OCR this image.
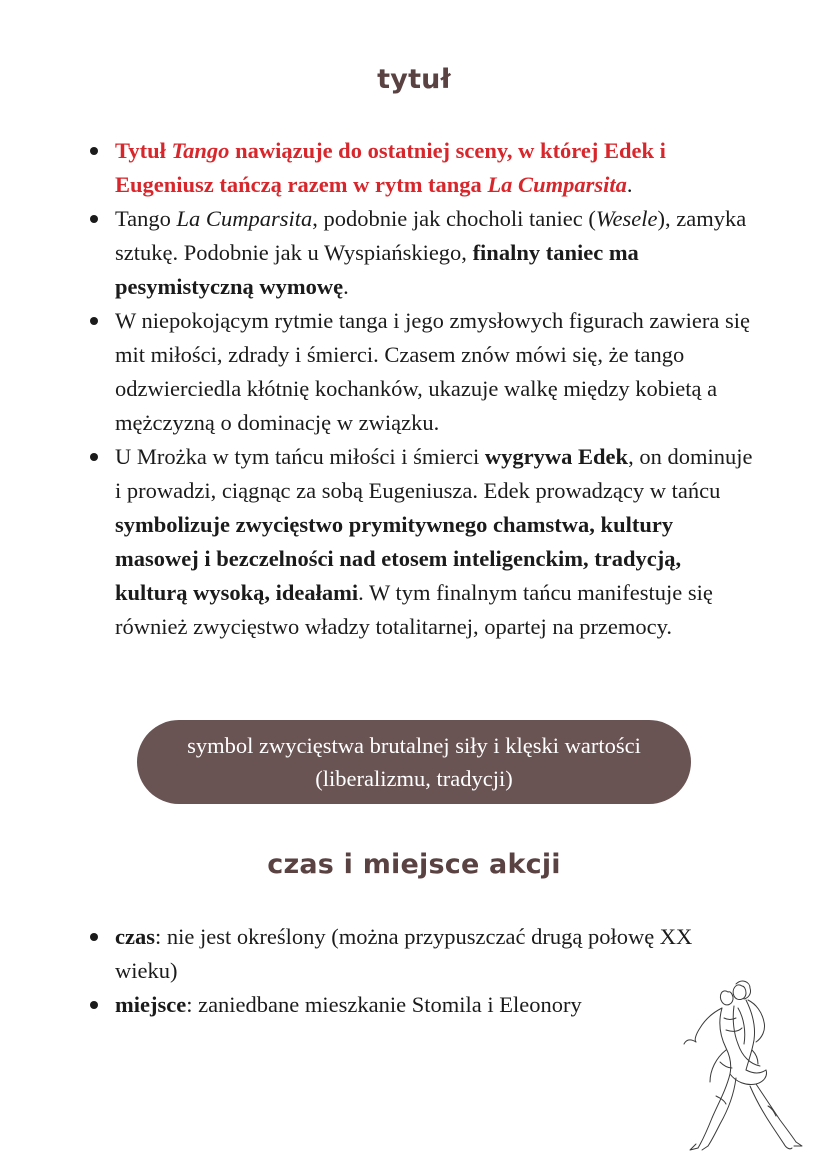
tytuł
Tytuł Tango nawiązuje do ostatniej sceny, w której Edek i Eugeniusz tańczą razem w rytm tanga La Cumparsita.
Tango La Cumparsita, podobnie jak chocholi taniec (Wesele), zamyka sztukę. Podobnie jak u Wyspiańskiego, finalny taniec ma pesymistyczną wymowę.
W niepokojącym rytmie tanga i jego zmysłowych figurach zawiera się mit miłości, zdrady i śmierci. Czasem znów mówi się, że tango odzwierciedla kłótnię kochanków, ukazuje walkę między kobietą a mężczyzną o dominację w związku.
U Mrożka w tym tańcu miłości i śmierci wygrywa Edek, on dominuje i prowadzi, ciągnąc za sobą Eugeniusza. Edek prowadzący w tańcu symbolizuje zwycięstwo prymitywnego chamstwa, kultury masowej i bezczelności nad etosem inteligenckim, tradycją, kulturą wysoką, ideałami. W tym finalnym tańcu manifestuje się również zwycięstwo władzy totalitarnej, opartej na przemocy.
symbol zwycięstwa brutalnej siły i klęski wartości
(liberalizmu, tradycji)
czas i miejsce akcji
czas: nie jest określony (można przypuszczać drugą połowę XX wieku)
miejsce: zaniedbane mieszkanie Stomila i Eleonory
